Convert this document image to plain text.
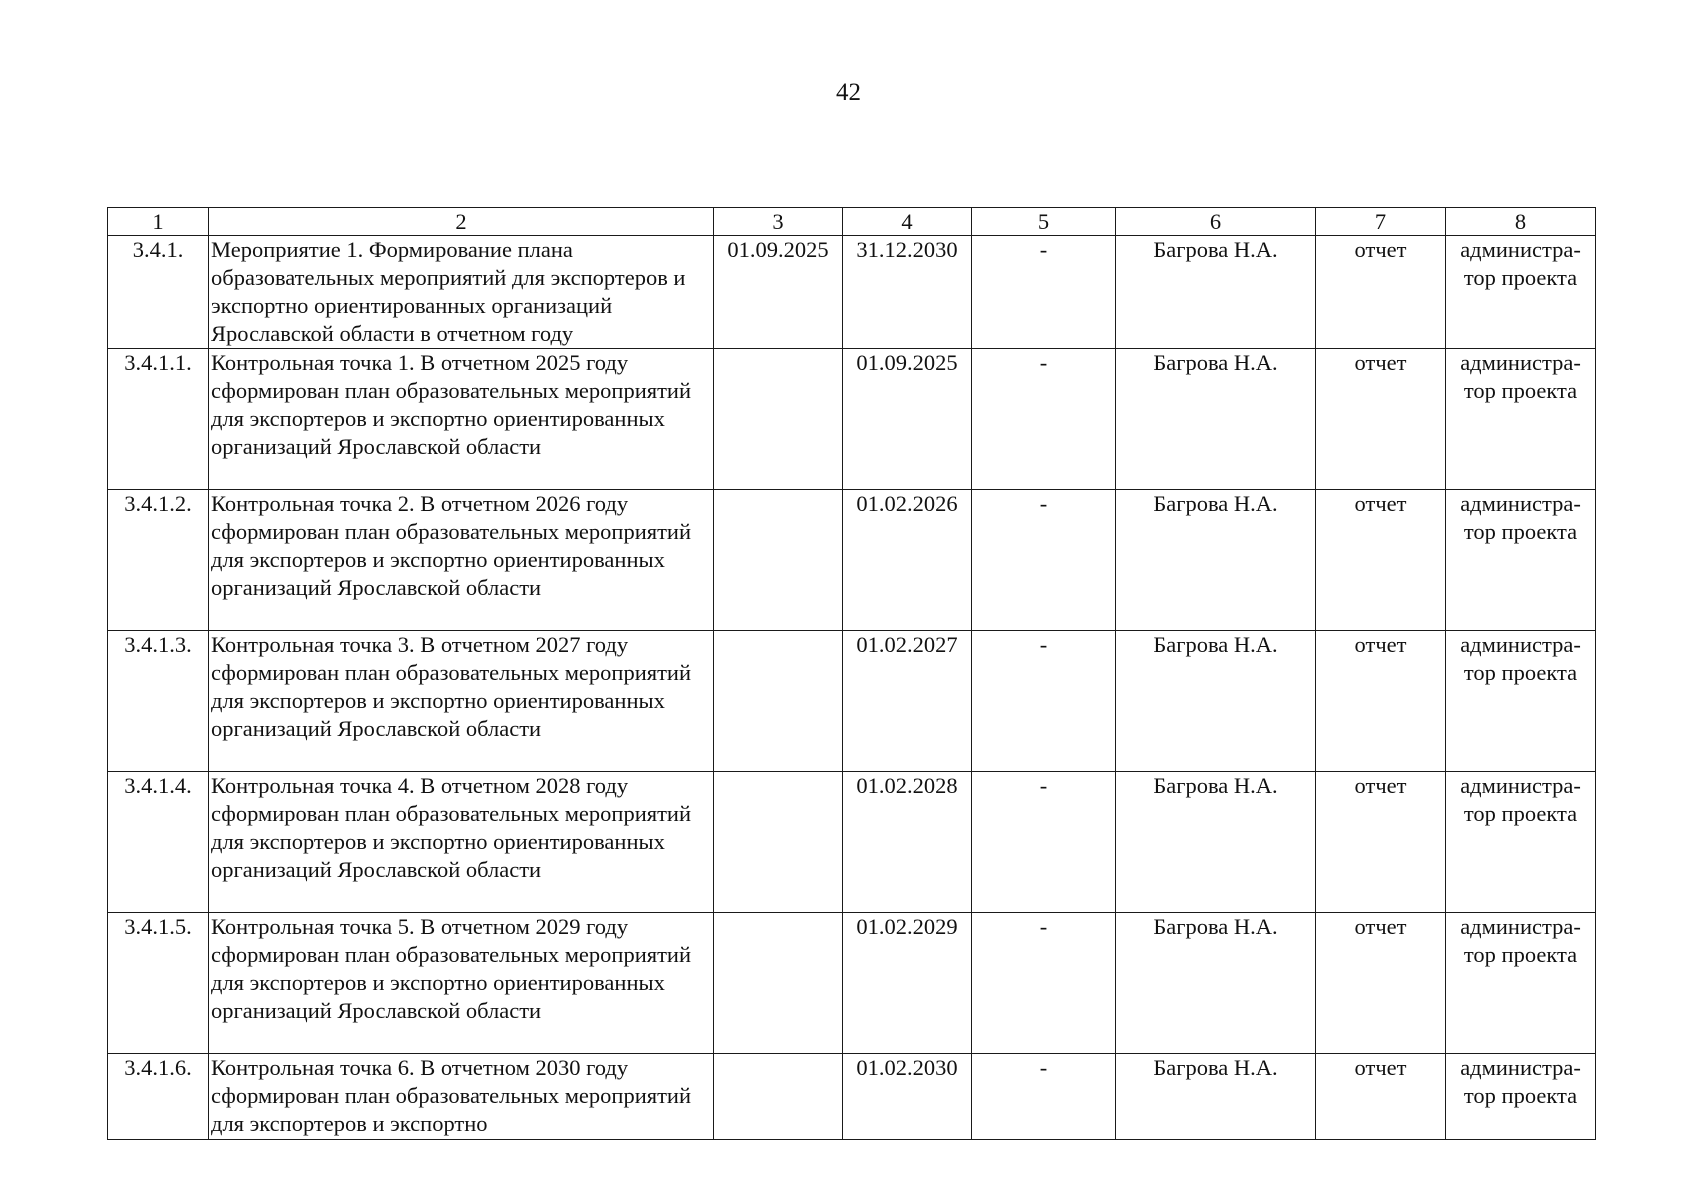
42
1	2	3	4	5	6	7	8
3.4.1.	Мероприятие 1. Формирование плана образовательных мероприятий для экспортеров и экспортно ориентированных организаций Ярославской области в отчетном году	01.09.2025	31.12.2030	-	Багрова Н.А.	отчет	администра-
тор проекта

3.4.1.1.	Контрольная точка 1. В отчетном 2025 году сформирован план образовательных мероприятий для экспортеров и экспортно ориентированных организаций Ярославской области		01.09.2025	-	Багрова Н.А.	отчет	администра-
тор проекта

3.4.1.2.	Контрольная точка 2. В отчетном 2026 году сформирован план образовательных мероприятий для экспортеров и экспортно ориентированных организаций Ярославской области		01.02.2026	-	Багрова Н.А.	отчет	администра-
тор проекта

3.4.1.3.	Контрольная точка 3. В отчетном 2027 году сформирован план образовательных мероприятий для экспортеров и экспортно ориентированных организаций Ярославской области		01.02.2027	-	Багрова Н.А.	отчет	администра-
тор проекта

3.4.1.4.	Контрольная точка 4. В отчетном 2028 году сформирован план образовательных мероприятий для экспортеров и экспортно ориентированных организаций Ярославской области		01.02.2028	-	Багрова Н.А.	отчет	администра-
тор проекта

3.4.1.5.	Контрольная точка 5. В отчетном 2029 году сформирован план образовательных мероприятий для экспортеров и экспортно ориентированных организаций Ярославской области		01.02.2029	-	Багрова Н.А.	отчет	администра-
тор проекта

3.4.1.6.	Контрольная точка 6. В отчетном 2030 году сформирован план образовательных мероприятий для экспортеров и экспортно		01.02.2030	-	Багрова Н.А.	отчет	администра-
тор проекта
